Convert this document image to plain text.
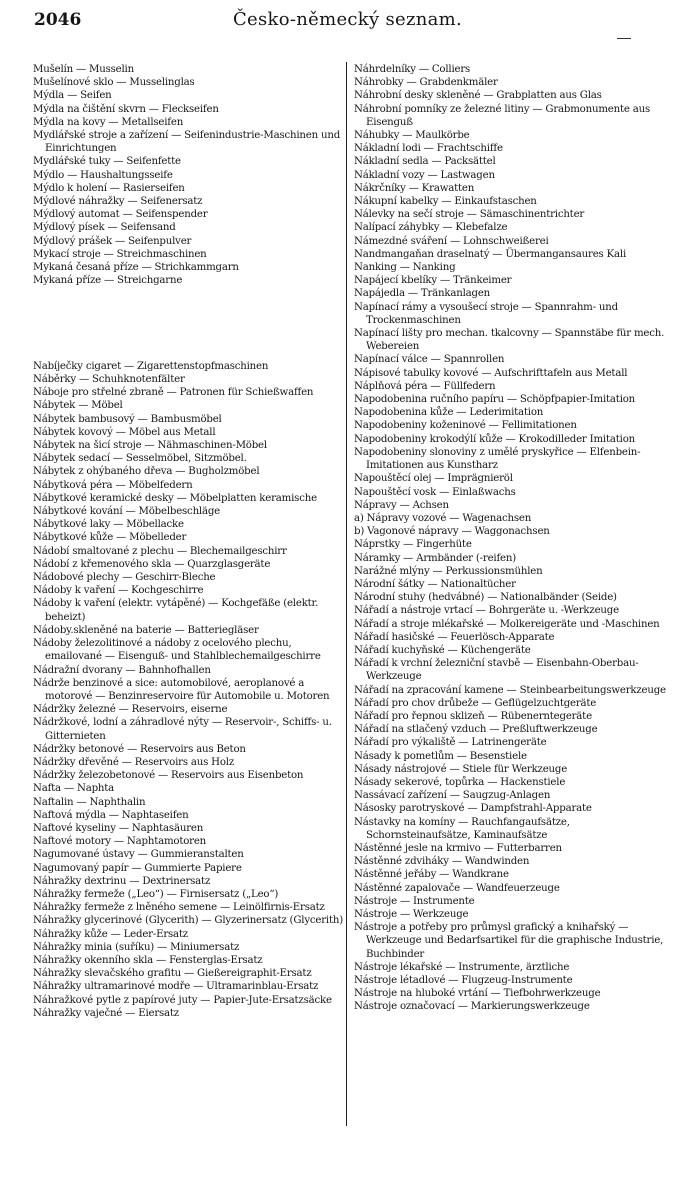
2046	Česko-německý seznam.

Mušelín — Musselin

Mušelínové sklo — Musselinglas

Mýdla — Seifen

Mýdla na čištění skvrn — Fleckseifen

Mýdla na kovy — Metallseifen

Mydlářské stroje a zařízení — Seifenindustrie-Maschinen und Einrichtungen

Mydlářské tuky — Seifenfette

Mýdlo — Haushaltungsseife

Mýdlo k holení — Rasierseifen

Mýdlové náhražky — Seifenersatz

Mýdlový automat — Seifenspender

Mýdlový písek — Seifensand

Mýdlový prášek — Seifenpulver

Mykací stroje — Streichmaschinen

Mykaná česaná příze — Strichkammgarn

Mykaná příze — Streichgarne

Nabíječky cigaret — Zigarettenstopfmaschinen

Náběrky — Schuhknotenfälter

Náboje pro střelné zbraně — Patronen für Schießwaffen

Nábytek — Möbel

Nábytek bambusový — Bambusmöbel

Nábytek kovový — Möbel aus Metall

Nábytek na šicí stroje — Nähmaschinen-Möbel

Nábytek sedací — Sesselmöbel, Sitzmöbel.

Nábytek z ohýbaného dřeva — Bugholzmöbel

Nábytková péra — Möbelfedern

Nábytkové keramické desky — Möbelplatten keramische

Nábytkové kování — Möbelbeschläge

Nábytkové laky — Möbellacke

Nábytkové kůže — Möbelleder

Nádobí smaltované z plechu — Blechemailgeschirr

Nádobí z křemenového skla — Quarzglasgeräte

Nádobové plechy — Geschirr-Bleche

Nádoby k vaření — Kochgeschirre

Nádoby k vaření (elektr. vytápěné) — Kochgefäße (elektr. beheizt)

Nádoby.skleněné na baterie — Batteriegläser

Nádoby železolitinové a nádoby z ocelového plechu, emailované — Eisenguß- und Stahlblechemailgeschirre

Nádražní dvorany — Bahnhofhallen

Nádrže benzinové a sice: automobilové, aeroplanové a motorové — Benzinreservoire für Automobile u. Motoren

Nádržky železné — Reservoirs, eiserne

Nádržkové, lodní a záhradlové nýty — Reservoir-, Schiffs- u. Gitternieten

Nádržky betonové — Reservoirs aus Beton

Nádržky dřevěné — Reservoirs aus Holz

Nádržky železobetonové — Reservoirs aus Eisenbeton

Nafta — Naphta

Naftalin — Naphthalin

Naftová mýdla — Naphtaseifen

Naftové kyseliny — Naphtasäuren

Naftové motory — Naphtamotoren

Nagumované ústavy — Gummieranstalten

Nagumovaný papír — Gummierte Papiere

Náhražky dextrinu — Dextrinersatz

Náhražky fermeže („Leo“) — Firnisersatz („Leo“)

Náhražky fermeže z lněného semene — Leinölfirnis-Ersatz

Náhražky glycerinové (Glycerith) — Glyzerinersatz (Glycerith)

Náhražky kůže — Leder-Ersatz

Náhražky minia (suříku) — Miniumersatz

Náhražky okenního skla — Fensterglas-Ersatz

Náhražky slevačského grafitu — Gießereigraphit-Ersatz

Náhražky ultramarinové modře — Ultramarinblau-Ersatz

Náhražkové pytle z papírové juty — Papier-Jute-Ersatzsäcke

Náhražky vaječné — Eiersatz

Náhrdelníky — Colliers

Náhrobky — Grabdenkmäler

Náhrobní desky skleněné — Grabplatten aus Glas

Náhrobní pomníky ze železné litiny — Grabmonumente aus Eisenguß

Náhubky — Maulkörbe

Nákladní lodi — Frachtschiffe

Nákladní sedla — Packsättel

Nákladní vozy — Lastwagen

Nákrčníky — Krawatten

Nákupní kabelky — Einkaufstaschen

Nálevky na sečí stroje — Sämaschinentrichter

Nalípací záhybky — Klebefalze

Námezdné sváření — Lohnschweißerei

Nandmangaňan draselnatý — Übermangansaures Kali

Nanking — Nanking

Napájecí kbelíky — Tränkeimer

Napájedla — Tränkanlagen

Napínací rámy a vysoušecí stroje — Spannrahm- und Trockenmaschinen

Napínací lišty pro mechan. tkalcovny — Spannstäbe für mech. Webereien

Napínací válce — Spannrollen

Nápisové tabulky kovové — Aufschrifttafeln aus Metall

Náplňová péra — Füllfedern

Napodobenina ručního papíru — Schöpfpapier-Imitation

Napodobenina kůže — Lederimitation

Napodobeniny koženinové — Fellimitationen

Napodobeniny krokodýlí kůže — Krokodilleder Imitation

Napodobeniny slonoviny z umělé pryskyřice — Elfenbein-Imitationen aus Kunstharz

Napouštěcí olej — Imprägnieröl

Napouštěcí vosk — Einlaßwachs

Nápravy — Achsen

a) Nápravy vozové — Wagenachsen

b) Vagonové nápravy — Waggonachsen

Náprstky — Fingerhüte

Náramky — Armbänder (-reifen)

Narážné mlýny — Perkussionsmühlen

Národní šátky — Nationaltücher

Národní stuhy (hedvábné) — Nationalbänder (Seide)

Nářadí a nástroje vrtací — Bohrgeräte u. -Werkzeuge

Nářadí a stroje mlékařské — Molkereigeräte und -Maschinen

Nářadí hasičské — Feuerlösch-Apparate

Nářadí kuchyňské — Küchengeräte

Nářadí k vrchní železniční stavbě — Eisenbahn-Oberbau-Werkzeuge

Nářadí na zpracování kamene — Steinbearbeitungswerkzeuge

Nářadí pro chov drůbeže — Geflügelzuchtgeräte

Nářadí pro řepnou sklizeň — Rübenerntegeräte

Nářadí na stlačený vzduch — Preßluftwerkzeuge

Nářadí pro výkaliště — Latrinengeräte

Násady k pometlům — Besenstiele

Násady nástrojové — Stiele für Werkzeuge

Násady sekerové, topůrka — Hackenstiele

Nassávací zařízení — Saugzug-Anlagen

Násosky parotryskové — Dampfstrahl-Apparate

Nástavky na komíny — Rauchfangaufsätze, Schornsteinaufsätze, Kaminaufsätze

Nástěnné jesle na krmivo — Futterbarren

Nástěnné zdviháky — Wandwinden

Nástěnné jeřáby — Wandkrane

Nástěnné zapalovače — Wandfeuerzeuge

Nástroje — Instrumente

Nástroje — Werkzeuge

Nástroje a potřeby pro průmysl grafický a knihařský — Werkzeuge und Bedarfsartikel für die graphische Industrie, Buchbinder

Nástroje lékařské — Instrumente, ärztliche

Nástroje létadlové — Flugzeug-Instrumente

Nástroje na hluboké vrtání — Tiefbohrwerkzeuge

Nástroje označovací — Markierungswerkzeuge
